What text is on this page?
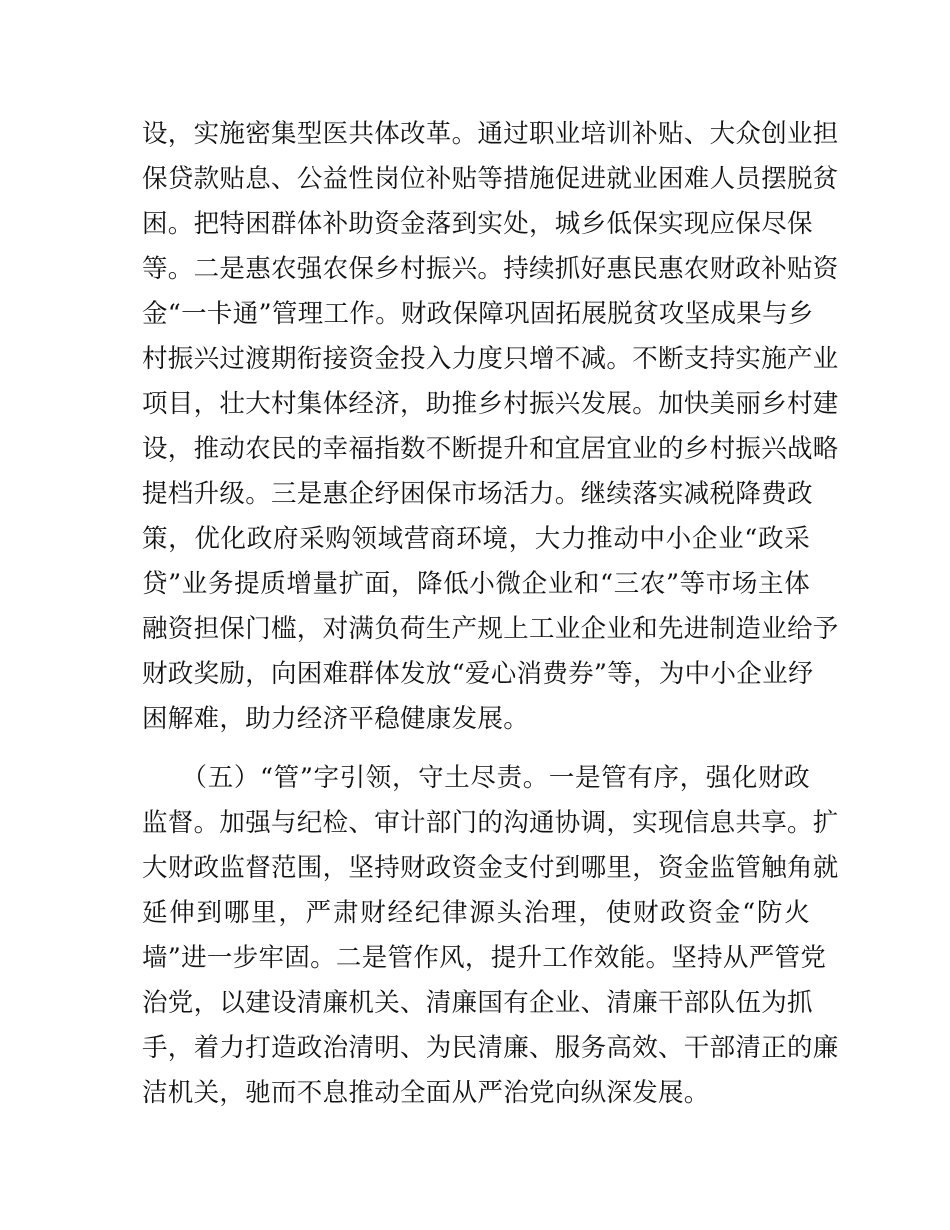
设，实施密集型医共体改革。通过职业培训补贴、大众创业担
保贷款贴息、公益性岗位补贴等措施促进就业困难人员摆脱贫
困。把特困群体补助资金落到实处，城乡低保实现应保尽保
等。二是惠农强农保乡村振兴。持续抓好惠民惠农财政补贴资
金“一卡通”管理工作。财政保障巩固拓展脱贫攻坚成果与乡
村振兴过渡期衔接资金投入力度只增不减。不断支持实施产业
项目，壮大村集体经济，助推乡村振兴发展。加快美丽乡村建
设，推动农民的幸福指数不断提升和宜居宜业的乡村振兴战略
提档升级。三是惠企纾困保市场活力。继续落实减税降费政
策，优化政府采购领域营商环境，大力推动中小企业“政采
贷”业务提质增量扩面，降低小微企业和“三农”等市场主体
融资担保门槛，对满负荷生产规上工业企业和先进制造业给予
财政奖励，向困难群体发放“爱心消费券”等，为中小企业纾
困解难，助力经济平稳健康发展。

　　（五）“管”字引领，守土尽责。一是管有序，强化财政
监督。加强与纪检、审计部门的沟通协调，实现信息共享。扩
大财政监督范围，坚持财政资金支付到哪里，资金监管触角就
延伸到哪里，严肃财经纪律源头治理，使财政资金“防火
墙”进一步牢固。二是管作风，提升工作效能。坚持从严管党
治党，以建设清廉机关、清廉国有企业、清廉干部队伍为抓
手，着力打造政治清明、为民清廉、服务高效、干部清正的廉
洁机关，驰而不息推动全面从严治党向纵深发展。
